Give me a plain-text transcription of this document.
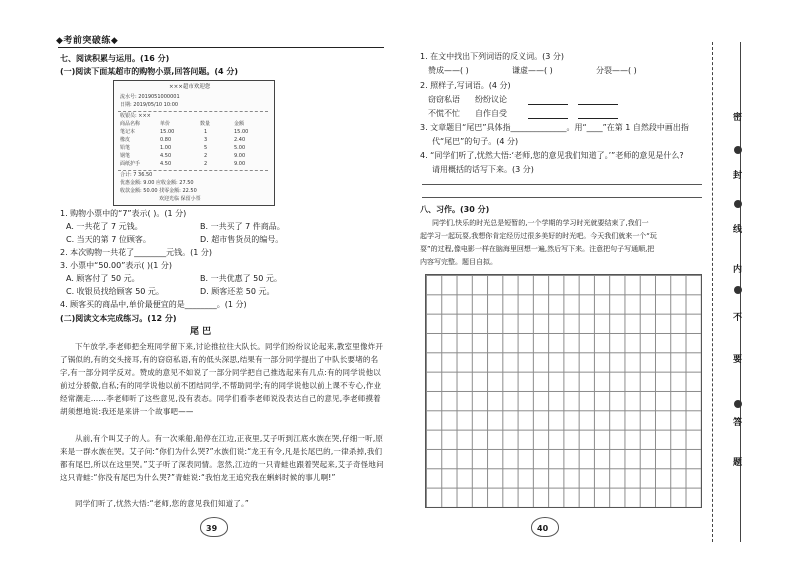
◆考前突破练◆
七、阅读积累与运用。(16 分)
(一)阅读下面某超市的购物小票,回答问题。(4 分)
×××超市欢迎您
流水号: 2019051000001
日期: 2019/05/10 10:00
收银员: ×××
商品名称	单价	数量	金额
笔记本	15.00	1	15.00
橡皮	0.80	3	2.40
铅笔	1.00	5	5.00
钢笔	4.50	2	9.00
面纸护手	4.50	2	9.00
合计: 7 36.50
优惠金额: 9.00 应收金额: 27.50
收款金额: 50.00 找零金额: 22.50
欢迎光临 保留小票
1. 购物小票中的“7”表示( )。(1 分)
A. 一共花了 7 元钱。	B. 一共买了 7 件商品。
C. 当天的第 7 位顾客。	D. 超市售货员的编号。
2. 本次购物一共花了________元钱。(1 分)
3. 小票中“50.00”表示( )(1 分)
A. 顾客付了 50 元。	B. 一共优惠了 50 元。
C. 收银员找给顾客 50 元。	D. 顾客还差 50 元。
4. 顾客买的商品中,单价最便宜的是________。(1 分)
(二)阅读文本完成练习。(12 分)
尾 巴
下午放学,李老师把全班同学留下来,讨论推拉往大队长。同学们纷纷议论起来,教室里像炸开了锅似的,有的交头接耳,有的窃窃私语,有的低头深思,结果有一部分同学提出了中队长要堵的名字,有一部分同学反对。赞成的意见不如说了一部分同学把自己推选起来有几点:有的同学说他以前过分骄傲,自私;有的同学说他以前不团结同学,不帮助同学;有的同学说他以前上课不专心,作业经常潮走……李老师听了这些意见,没有表态。同学们看李老师说没表达自己的意见,李老师摸着胡须想地说:我还是来讲一个故事吧——
从前,有个叫艾子的人。有一次乘船,船停在江边,正夜里,艾子听到江底水族在哭,仔细一听,原来是一群水族在哭。艾子问:“你们为什么哭?”水族们说:“龙王有令,凡是长尾巴的,一律杀掉,我们都有尾巴,所以在这里哭。”艾子听了深表同情。忽然,江边的一只青蛙也跟着哭起来,艾子奇怪地问这只青蛙:“你没有尾巴为什么哭?”青蛙说:“我怕龙王追究我在蝌蚪时候的事儿啊!”
同学们听了,忧然大悟:“老师,您的意见我们知道了。”
39
1. 在文中找出下列词语的反义词。(3 分)
赞成——( )	谦虚——( )	分裂——( )
2. 照样子,写词语。(4 分)
窃窃私语 纷纷议论
不慌不忙 自作自受
3. 文章题目“尾巴”具体指______________。用“____”在第 1 自然段中画出指
代“尾巴”的句子。(4 分)
4. “同学们听了,忧然大悟:‘老师,您的意见我们知道了。’”老师的意见是什么?
请用概括的话写下来。(3 分)
八、习作。(30 分)
同学们,快乐的时光总是短暂的,一个学期的学习时光就要结束了,我们一
起学习一起玩耍,我想你肯定经历过很多美好的时光吧。今天我们就来一个“玩
耍”的过程,像电影一样在脑海里回想一遍,然后写下来。注意把句子写通顺,把
内容写完整。题目自拟。
40
密
封
线
内
不
要
答
题
